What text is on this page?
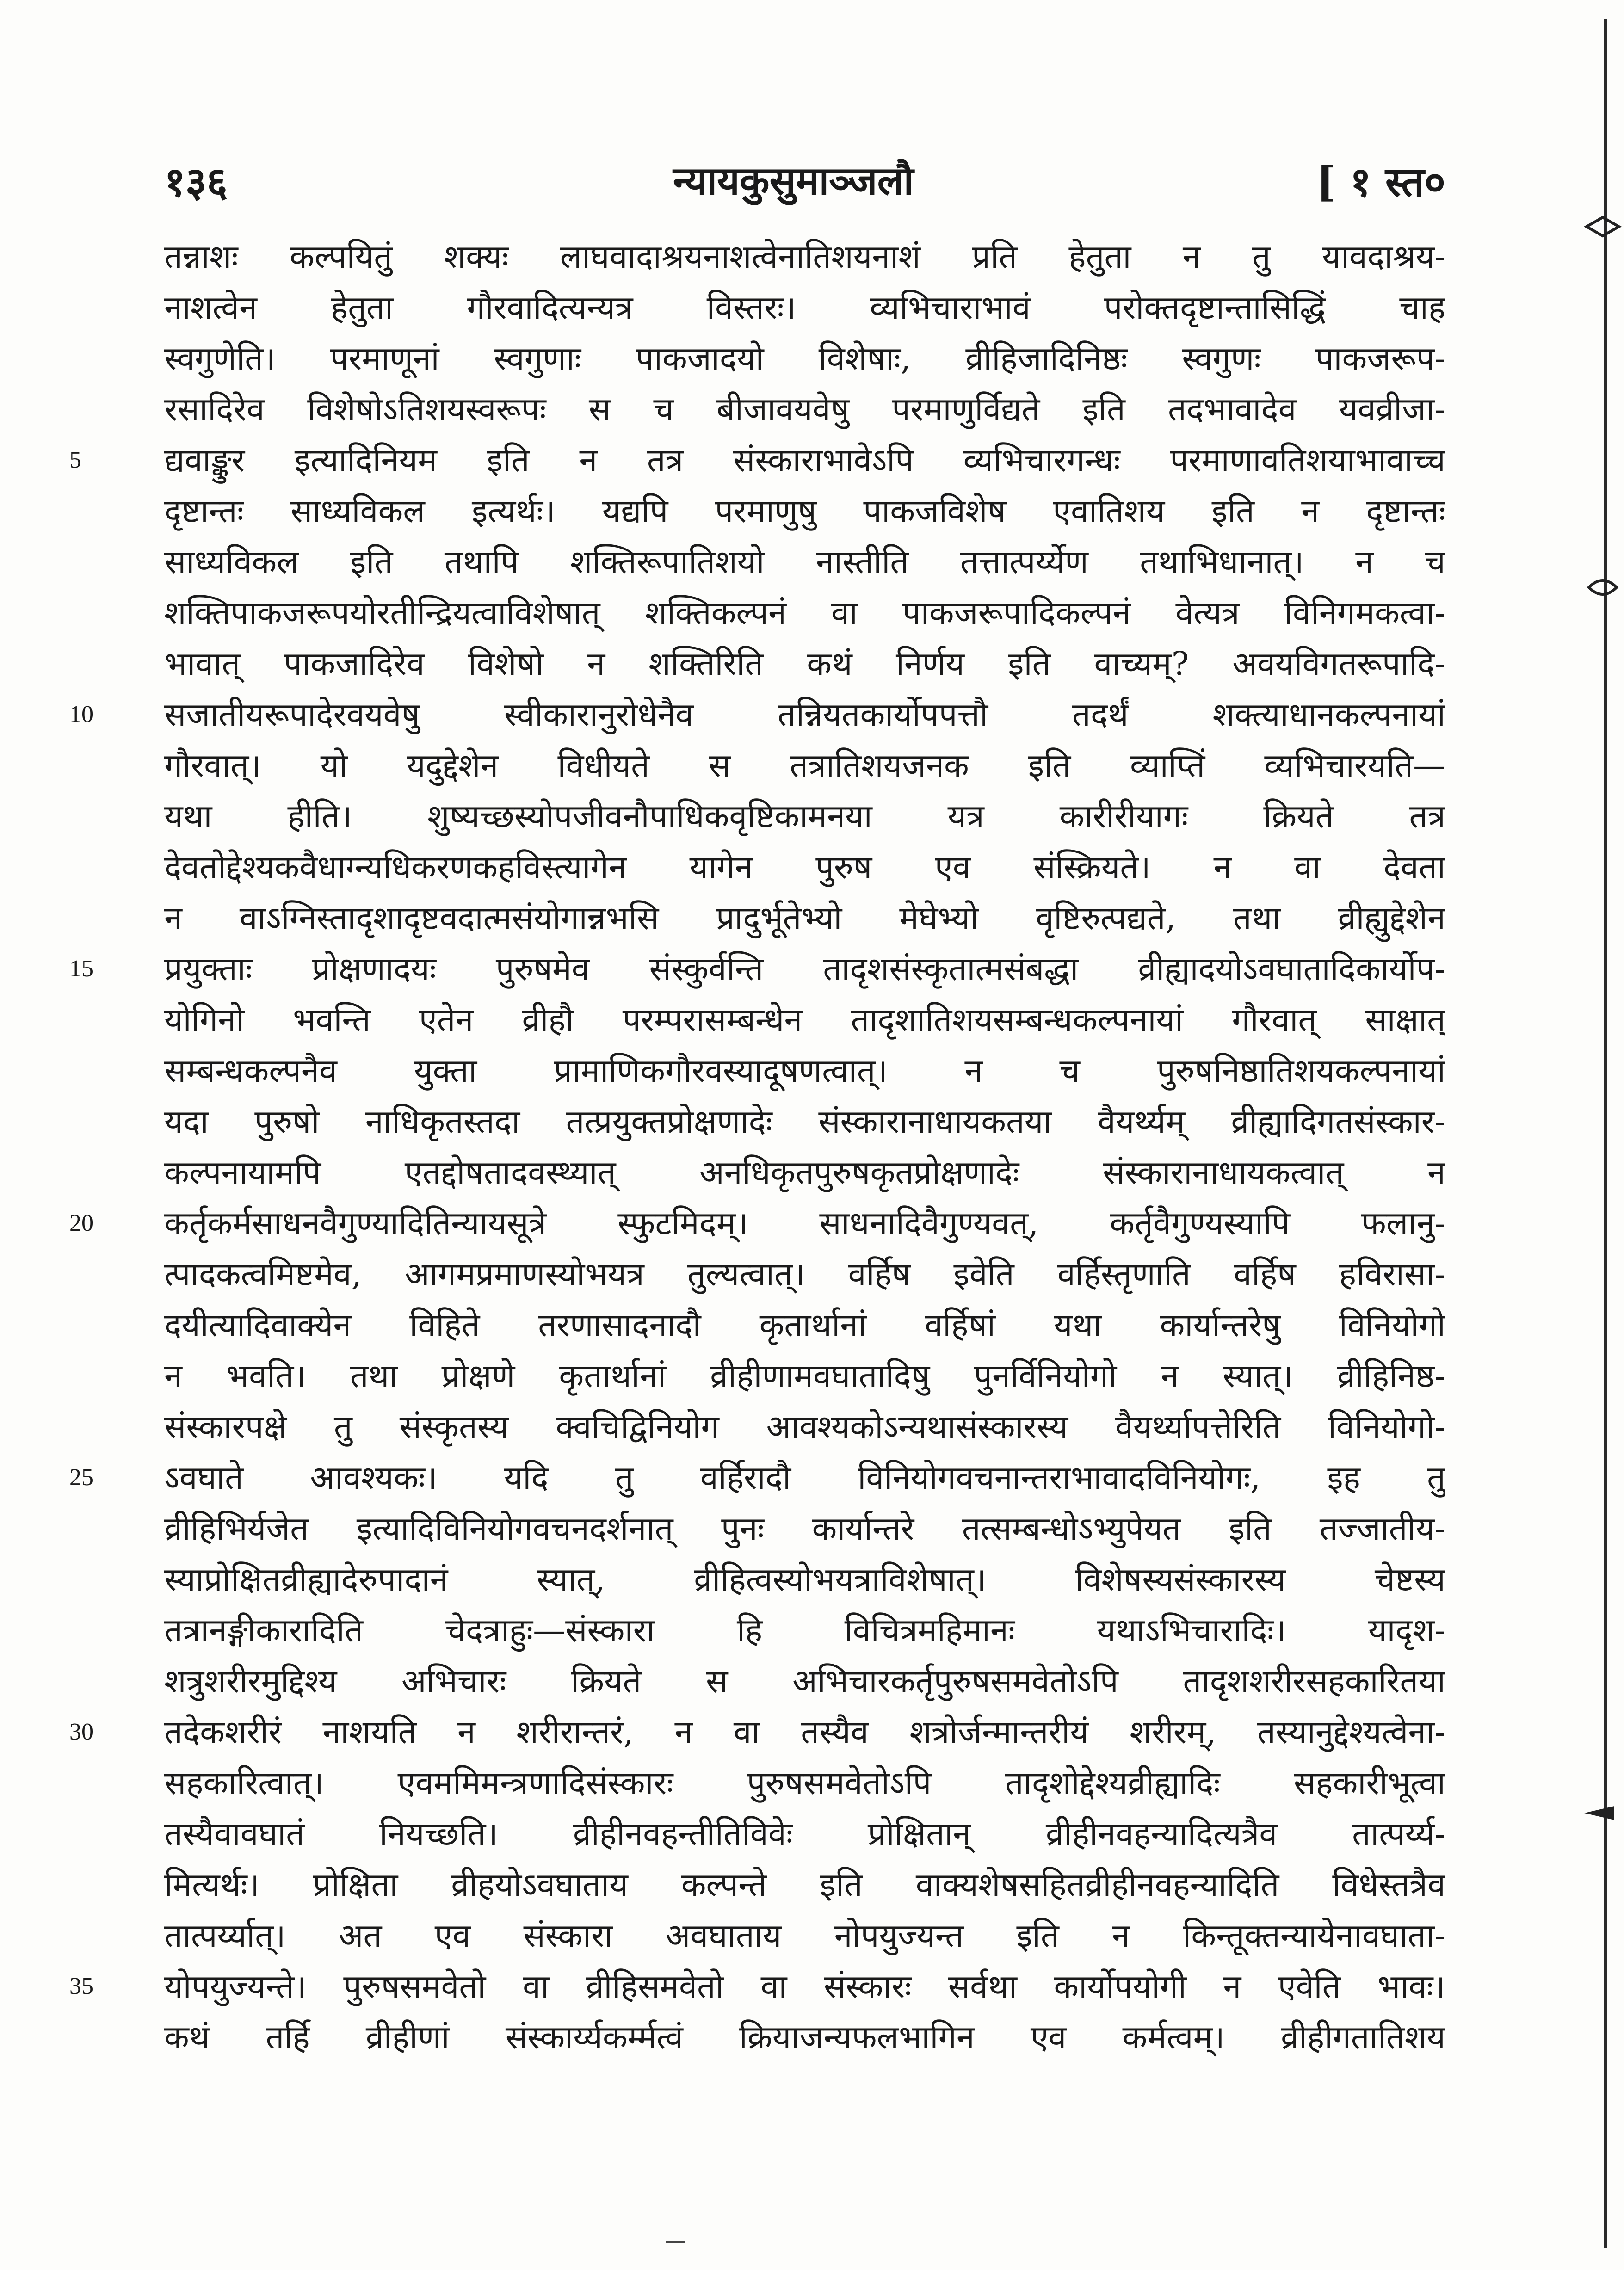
१३६	न्यायकुसुमाञ्जलौ	[ १ स्त०
तन्नाशः कल्पयितुं शक्यः लाघवादाश्रयनाशत्वेनातिशयनाशं प्रति हेतुता न तु यावदाश्रय-
नाशत्वेन हेतुता गौरवादित्यन्यत्र विस्तरः। व्यभिचाराभावं परोक्तदृष्टान्तासिद्धिं चाह
स्वगुणेति। परमाणूनां स्वगुणाः पाकजादयो विशेषाः, व्रीहिजादिनिष्ठः स्वगुणः पाकजरूप-
रसादिरेव विशेषोऽतिशयस्वरूपः स च बीजावयवेषु परमाणुर्विद्यते इति तदभावादेव यवव्रीजा-
5	द्यवाङ्कुर इत्यादिनियम इति न तत्र संस्काराभावेऽपि व्यभिचारगन्धः परमाणावतिशयाभावाच्च
दृष्टान्तः साध्यविकल इत्यर्थः। यद्यपि परमाणुषु पाकजविशेष एवातिशय इति न दृष्टान्तः
साध्यविकल इति तथापि शक्तिरूपातिशयो नास्तीति तत्तात्पर्य्येण तथाभिधानात्। न च
शक्तिपाकजरूपयोरतीन्द्रियत्वाविशेषात् शक्तिकल्पनं वा पाकजरूपादिकल्पनं वेत्यत्र विनिगमकत्वा-
भावात् पाकजादिरेव विशेषो न शक्तिरिति कथं निर्णय इति वाच्यम्? अवयविगतरूपादि-
10	सजातीयरूपादेरवयवेषु स्वीकारानुरोधेनैव तन्नियतकार्योपपत्तौ तदर्थं शक्त्याधानकल्पनायां
गौरवात्। यो यदुद्देशेन विधीयते स तत्रातिशयजनक इति व्याप्तिं व्यभिचारयति—
यथा हीति। शुष्यच्छस्योपजीवनौपाधिकवृष्टिकामनया यत्र कारीरीयागः क्रियते तत्र
देवतोद्देश्यकवैधाग्न्यधिकरणकहविस्त्यागेन यागेन पुरुष एव संस्क्रियते। न वा देवता
न वाऽग्निस्तादृशादृष्टवदात्मसंयोगान्नभसि प्रादुर्भूतेभ्यो मेघेभ्यो वृष्टिरुत्पद्यते, तथा व्रीह्युद्देशेन
15	प्रयुक्ताः प्रोक्षणादयः पुरुषमेव संस्कुर्वन्ति तादृशसंस्कृतात्मसंबद्धा व्रीह्यादयोऽवघातादिकार्योप-
योगिनो भवन्ति एतेन व्रीहौ परम्परासम्बन्धेन तादृशातिशयसम्बन्धकल्पनायां गौरवात् साक्षात्
सम्बन्धकल्पनैव युक्ता प्रामाणिकगौरवस्यादूषणत्वात्। न च पुरुषनिष्ठातिशयकल्पनायां
यदा पुरुषो नाधिकृतस्तदा तत्प्रयुक्तप्रोक्षणादेः संस्कारानाधायकतया वैयर्थ्यम् व्रीह्यादिगतसंस्कार-
कल्पनायामपि एतद्दोषतादवस्थ्यात् अनधिकृतपुरुषकृतप्रोक्षणादेः संस्कारानाधायकत्वात् न
20	कर्तृकर्मसाधनवैगुण्यादितिन्यायसूत्रे स्फुटमिदम्। साधनादिवैगुण्यवत्, कर्तृवैगुण्यस्यापि फलानु-
त्पादकत्वमिष्टमेव, आगमप्रमाणस्योभयत्र तुल्यत्वात्। वर्हिष इवेति वर्हिस्तृणाति वर्हिष हविरासा-
दयीत्यादिवाक्येन विहिते तरणासादनादौ कृतार्थानां वर्हिषां यथा कार्यान्तरेषु विनियोगो
न भवति। तथा प्रोक्षणे कृतार्थानां व्रीहीणामवघातादिषु पुनर्विनियोगो न स्यात्। व्रीहिनिष्ठ-
संस्कारपक्षे तु संस्कृतस्य क्वचिद्विनियोग आवश्यकोऽन्यथासंस्कारस्य वैयर्थ्यापत्तेरिति विनियोगो-
25	ऽवघाते आवश्यकः। यदि तु वर्हिरादौ विनियोगवचनान्तराभावादविनियोगः, इह तु
व्रीहिभिर्यजेत इत्यादिविनियोगवचनदर्शनात् पुनः कार्यान्तरे तत्सम्बन्धोऽभ्युपेयत इति तज्जातीय-
स्याप्रोक्षितव्रीह्यादेरुपादानं स्यात्, व्रीहित्वस्योभयत्राविशेषात्। विशेषस्यसंस्कारस्य चेष्टस्य
तत्रानङ्गीकारादिति चेदत्राहुः—संस्कारा हि विचित्रमहिमानः यथाऽभिचारादिः। यादृश-
शत्रुशरीरमुद्दिश्य अभिचारः क्रियते स अभिचारकर्तृपुरुषसमवेतोऽपि तादृशशरीरसहकारितया
30	तदेकशरीरं नाशयति न शरीरान्तरं, न वा तस्यैव शत्रोर्जन्मान्तरीयं शरीरम्, तस्यानुद्देश्यत्वेना-
सहकारित्वात्। एवममिमन्त्रणादिसंस्कारः पुरुषसमवेतोऽपि तादृशोद्देश्यव्रीह्यादिः सहकारीभूत्वा
तस्यैवावघातं नियच्छति। व्रीहीनवहन्तीतिविवेः प्रोक्षितान् व्रीहीनवहन्यादित्यत्रैव तात्पर्य्य-
मित्यर्थः। प्रोक्षिता व्रीहयोऽवघाताय कल्पन्ते इति वाक्यशेषसहितव्रीहीनवहन्यादिति विधेस्तत्रैव
तात्पर्य्यात्। अत एव संस्कारा अवघाताय नोपयुज्यन्त इति न किन्तूक्तन्यायेनावघाता-
35	योपयुज्यन्ते। पुरुषसमवेतो वा व्रीहिसमवेतो वा संस्कारः सर्वथा कार्योपयोगी न एवेति भावः।
कथं तर्हि व्रीहीणां संस्कार्य्यकर्म्मत्वं क्रियाजन्यफलभागिन एव कर्मत्वम्। व्रीहीगतातिशय
